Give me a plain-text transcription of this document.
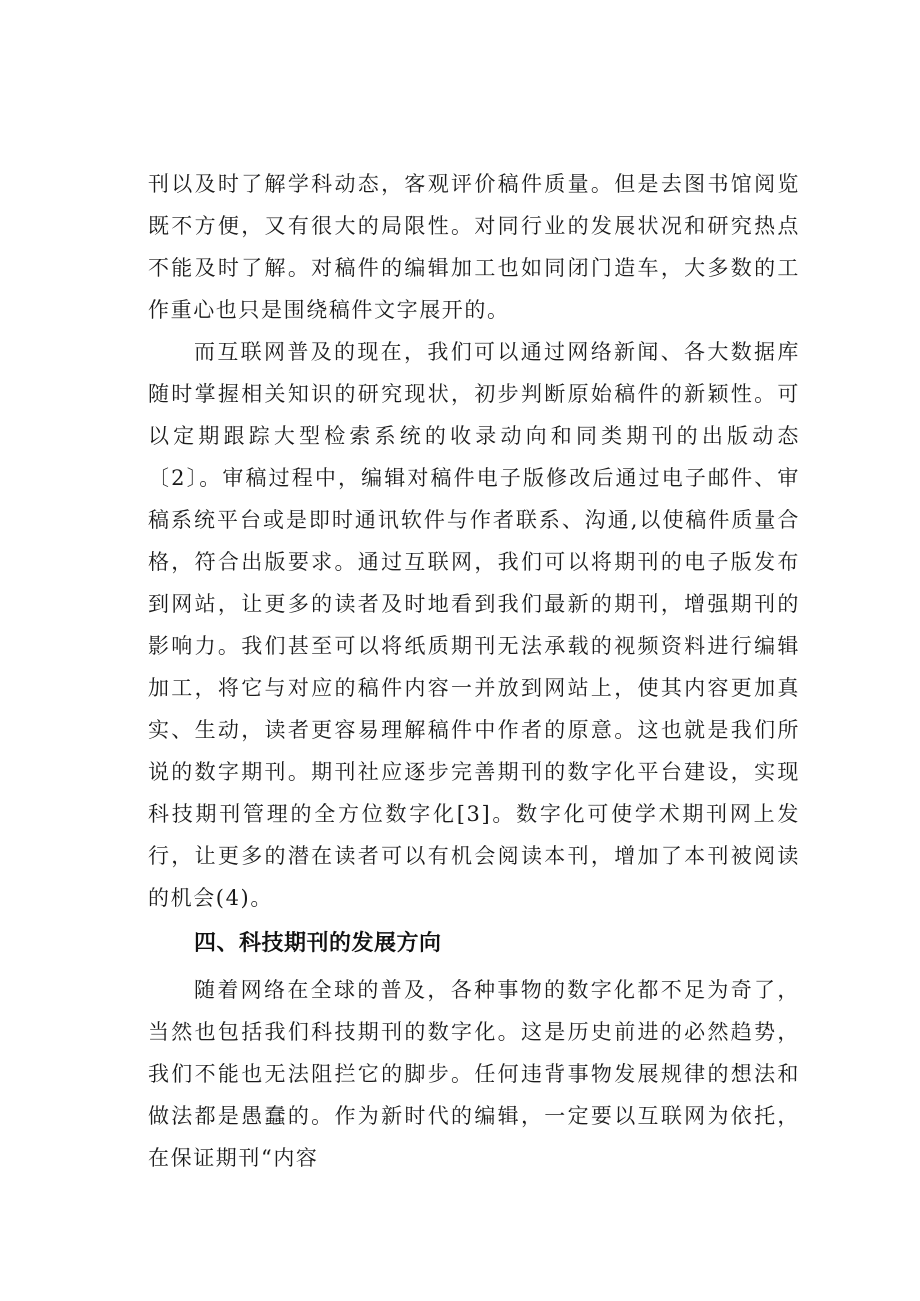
刊以及时了解学科动态，客观评价稿件质量。但是去图书馆阅览既不方便，又有很大的局限性。对同行业的发展状况和研究热点不能及时了解。对稿件的编辑加工也如同闭门造车，大多数的工作重心也只是围绕稿件文字展开的。

而互联网普及的现在，我们可以通过网络新闻、各大数据库随时掌握相关知识的研究现状，初步判断原始稿件的新颖性。可以定期跟踪大型检索系统的收录动向和同类期刊的出版动态〔2〕。审稿过程中，编辑对稿件电子版修改后通过电子邮件、审稿系统平台或是即时通讯软件与作者联系、沟通,以使稿件质量合格，符合出版要求。通过互联网，我们可以将期刊的电子版发布到网站，让更多的读者及时地看到我们最新的期刊，增强期刊的影响力。我们甚至可以将纸质期刊无法承载的视频资料进行编辑加工，将它与对应的稿件内容一并放到网站上，使其内容更加真实、生动，读者更容易理解稿件中作者的原意。这也就是我们所说的数字期刊。期刊社应逐步完善期刊的数字化平台建设，实现科技期刊管理的全方位数字化[3]。数字化可使学术期刊网上发行，让更多的潜在读者可以有机会阅读本刊，增加了本刊被阅读的机会(4)。

四、科技期刊的发展方向

随着网络在全球的普及，各种事物的数字化都不足为奇了，当然也包括我们科技期刊的数字化。这是历史前进的必然趋势，我们不能也无法阻拦它的脚步。任何违背事物发展规律的想法和做法都是愚蠢的。作为新时代的编辑，一定要以互联网为依托，在保证期刊“内容
